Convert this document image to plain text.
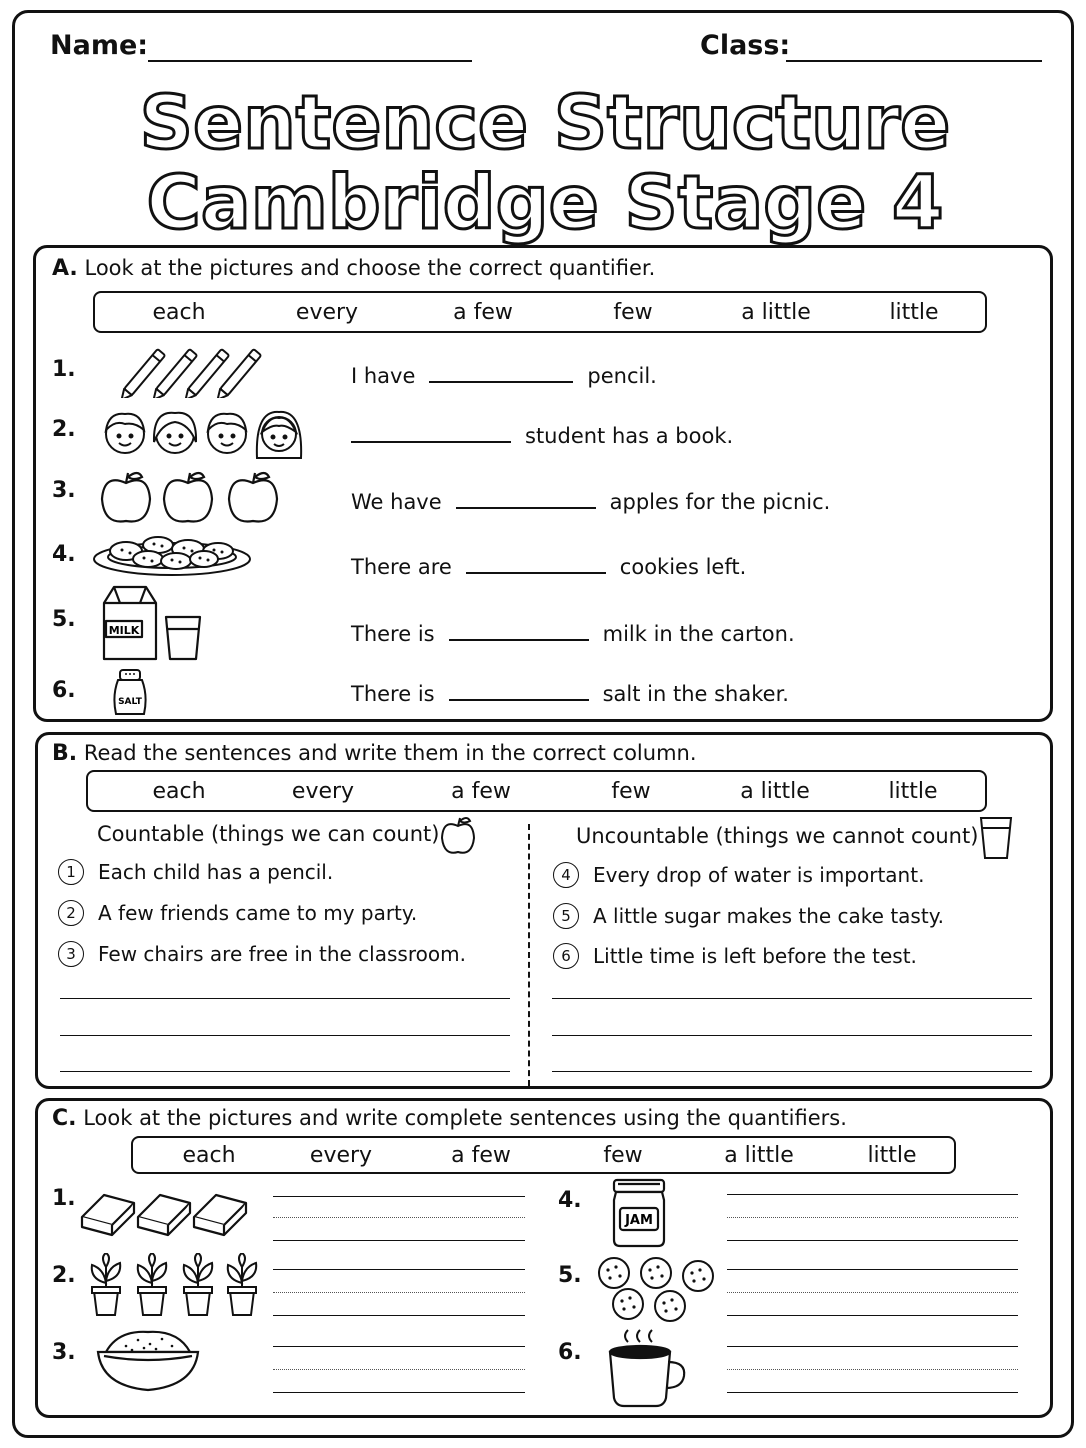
Name:	Class:
Sentence Structure
Cambridge Stage 4
A. Look at the pictures and choose the correct quantifier.
each	every	a few	few	a little	little
1.
2.
3.
4.
5.
6.
MILK
SALT
I have	pencil.
student has a book.
We have	apples for the picnic.
There are	cookies left.
There is	milk in the carton.
There is	salt in the shaker.
B. Read the sentences and write them in the correct column.
each	every	a few	few	a little	little
Countable (things we can count)	Uncountable (things we cannot count)
1	Each child has a pencil.
2	A few friends came to my party.
3	Few chairs are free in the classroom.
4	Every drop of water is important.
5	A little sugar makes the cake tasty.
6	Little time is left before the test.
C. Look at the pictures and write complete sentences using the quantifiers.
each	every	a few	few	a little	little
1.
2.
3.
4.
5.
6.
JAM
